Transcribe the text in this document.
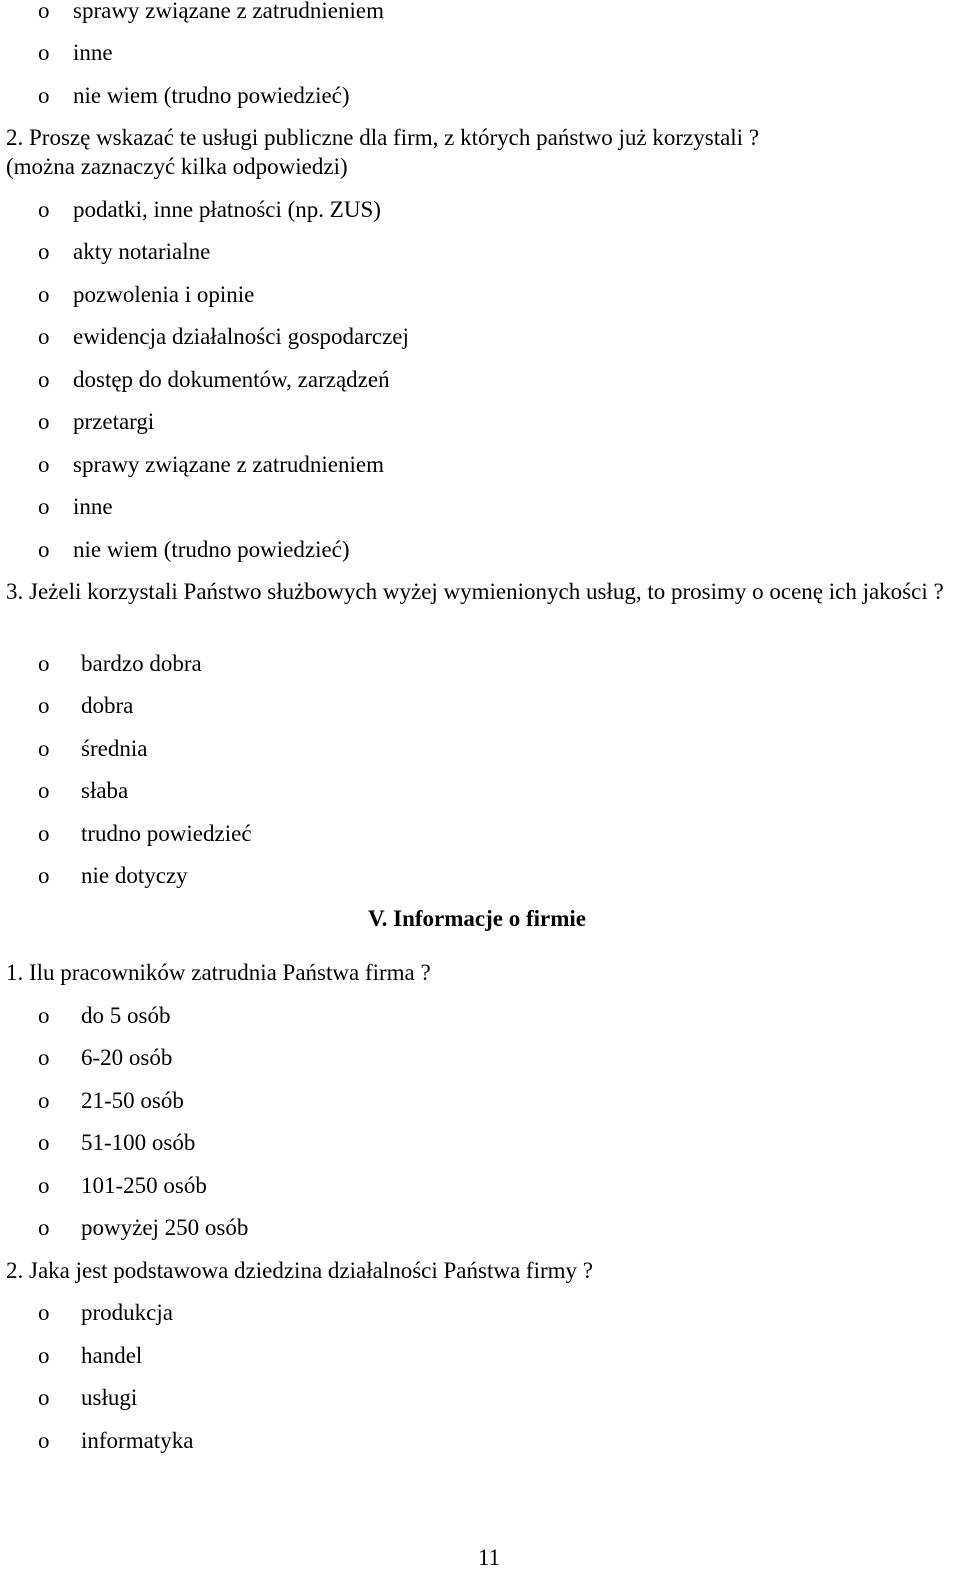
o sprawy związane z zatrudnieniem
o inne
o nie wiem (trudno powiedzieć)
2. Proszę wskazać te usługi publiczne dla firm, z których państwo już korzystali ?
(można zaznaczyć kilka odpowiedzi)
o podatki, inne płatności (np. ZUS)
o akty notarialne
o pozwolenia i opinie
o ewidencja działalności gospodarczej
o dostęp do dokumentów, zarządzeń
o przetargi
o sprawy związane z zatrudnieniem
o inne
o nie wiem (trudno powiedzieć)
3. Jeżeli korzystali Państwo służbowych wyżej wymienionych usług, to prosimy o ocenę ich jakości ?
o bardzo dobra
o dobra
o średnia
o słaba
o trudno powiedzieć
o nie dotyczy
V. Informacje o firmie
1. Ilu pracowników zatrudnia Państwa firma ?
o do 5 osób
o 6-20 osób
o 21-50 osób
o 51-100 osób
o 101-250 osób
o powyżej 250 osób
2. Jaka jest podstawowa dziedzina działalności Państwa firmy ?
o produkcja
o handel
o usługi
o informatyka
11
